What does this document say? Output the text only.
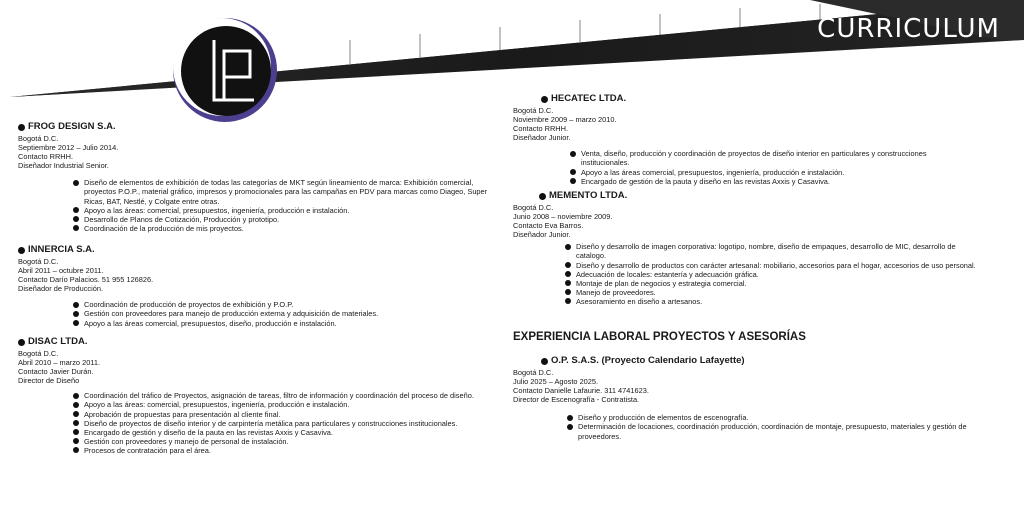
CURRICULUM
FROG DESIGN S.A.
Bogotá D.C.
Septiembre 2012 – Julio 2014.
Contacto RRHH.
Diseñador Industrial Senior.
Diseño de elementos de exhibición de todas las categorías de MKT según lineamiento de marca: Exhibición comercial, proyectos P.O.P., material gráfico, impresos y promocionales para las campañas en PDV para marcas como Diageo, Super Ricas, BAT, Nestlé, y Colgate entre otras.
Apoyo a las áreas: comercial, presupuestos, ingeniería, producción e instalación.
Desarrollo de Planos de Cotización, Producción y prototipo.
Coordinación de la producción de mis proyectos.
INNERCIA S.A.
Bogotá D.C.
Abril 2011 – octubre 2011.
Contacto Darío Palacios. 51 955 126826.
Diseñador de Producción.
Coordinación de producción de proyectos de exhibición y P.O.P.
Gestión con proveedores para manejo de producción externa y adquisición de materiales.
Apoyo a las áreas comercial, presupuestos, diseño, producción e instalación.
DISAC LTDA.
Bogotá D.C.
Abril 2010 – marzo 2011.
Contacto Javier Durán.
Director de Diseño
Coordinación del tráfico de Proyectos, asignación de tareas, filtro de información y coordinación del proceso de diseño.
Apoyo a las áreas: comercial, presupuestos, ingeniería, producción e instalación.
Aprobación de propuestas para presentación al cliente final.
Diseño de proyectos de diseño interior y de carpintería metálica para particulares y construcciones institucionales.
Encargado de gestión y diseño de la pauta en las revistas Axxis y Casaviva.
Gestión con proveedores y manejo de personal de instalación.
Procesos de contratación para el área.
HECATEC LTDA.
Bogotá D.C.
Noviembre 2009 – marzo 2010.
Contacto RRHH.
Diseñador Junior.
Venta, diseño, producción y coordinación de proyectos de diseño interior en particulares y construcciones institucionales.
Apoyo a las áreas comercial, presupuestos, ingeniería, producción e instalación.
Encargado de gestión de la pauta y diseño en las revistas Axxis y Casaviva.
MEMENTO LTDA.
Bogotá D.C.
Junio 2008 – noviembre 2009.
Contacto Eva Barros.
Diseñador Junior.
Diseño y desarrollo de imagen corporativa: logotipo, nombre, diseño de empaques, desarrollo de MIC, desarrollo de catalogo.
Diseño y desarrollo de productos con carácter artesanal: mobiliario, accesorios para el hogar, accesorios de uso personal.
Adecuación de locales: estantería y adecuación gráfica.
Montaje de plan de negocios y estrategia comercial.
Manejo de proveedores.
Asesoramiento en diseño a artesanos.
EXPERIENCIA LABORAL PROYECTOS Y ASESORÍAS
O.P. S.A.S. (Proyecto Calendario Lafayette)
Bogotá D.C.
Julio 2025 – Agosto 2025.
Contacto Danielle Lafaurie. 311 4741623.
Director de Escenografía - Contratista.
Diseño y producción de elementos de escenografía.
Determinación de locaciones, coordinación producción, coordinación de montaje, presupuesto, materiales y gestión de proveedores.
